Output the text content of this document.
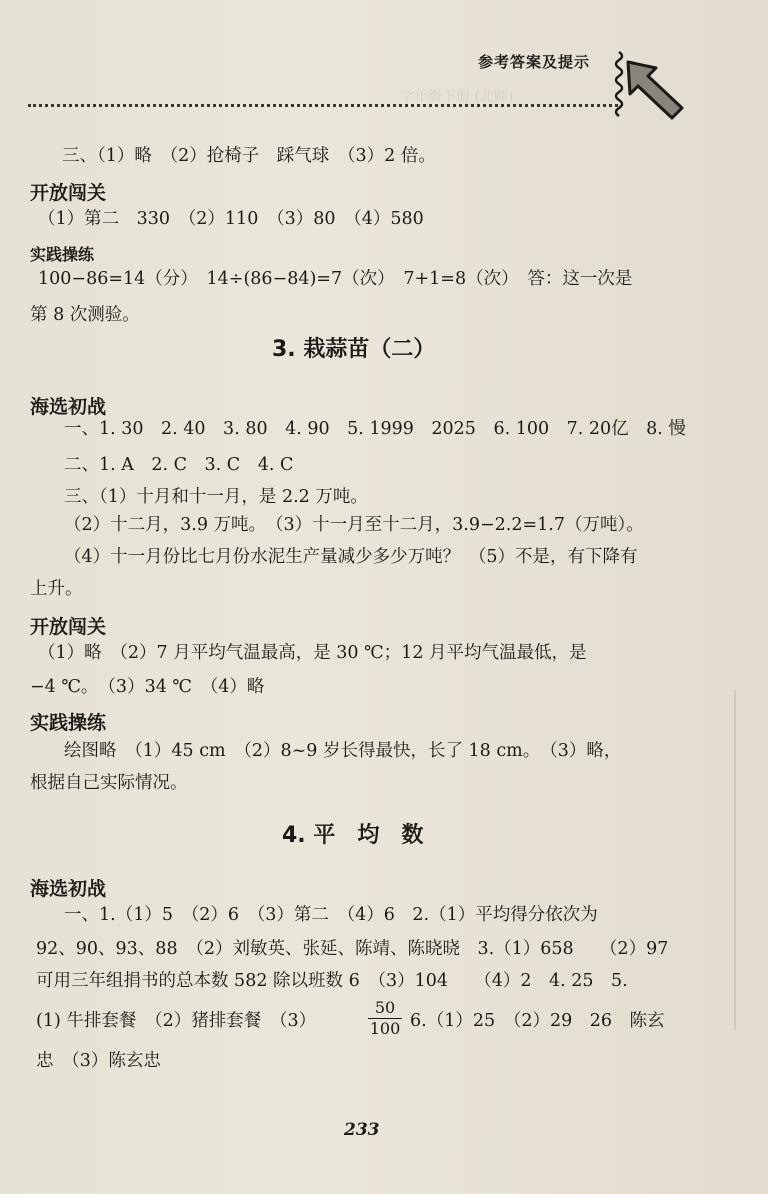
参考答案及提示
学年级下册 (北师)
三、（1）略　（2）抢椅子　踩气球　（3）2 倍。
开放闯关
（1）第二　330　（2）110　（3）80　（4）580
实践操练
100−86=14（分）　14÷(86−84)=7（次）　7+1=8（次）　答：这一次是
第 8 次测验。
3. 栽蒜苗（二）
海选初战
一、1. 30　2. 40　3. 80　4. 90　5. 1999　2025　6. 100　7. 20亿　8. 慢
二、1. A　2. C　3. C　4. C
三、（1）十月和十一月，是 2.2 万吨。
（2）十二月，3.9 万吨。　（3）十一月至十二月，3.9−2.2=1.7（万吨）。
（4）十一月份比七月份水泥生产量减少多少万吨？　（5）不是，有下降有
上升。
开放闯关
（1）略　（2）7 月平均气温最高，是 30 ℃；12 月平均气温最低，是
−4 ℃。　（3）34 ℃　（4）略
实践操练
绘图略　（1）45 cm　（2）8~9 岁长得最快，长了 18 cm。　（3）略，
根据自己实际情况。
4. 平　均　数
海选初战
一、1.（1）5　（2）6　（3）第二　（4）6　2.（1）平均得分依次为
92、90、93、88　（2）刘敏英、张延、陈靖、陈晓晓　3.（1）658　　（2）97
可用三年组捐书的总本数 582 除以班数 6　（3）104　　（4）2　4. 25　5.
(1) 牛排套餐　（2）猪排套餐　（3）	$\frac{50}{100} 6.(1)25$　（2）29　26　陈玄
忠　（3）陈玄忠
233
